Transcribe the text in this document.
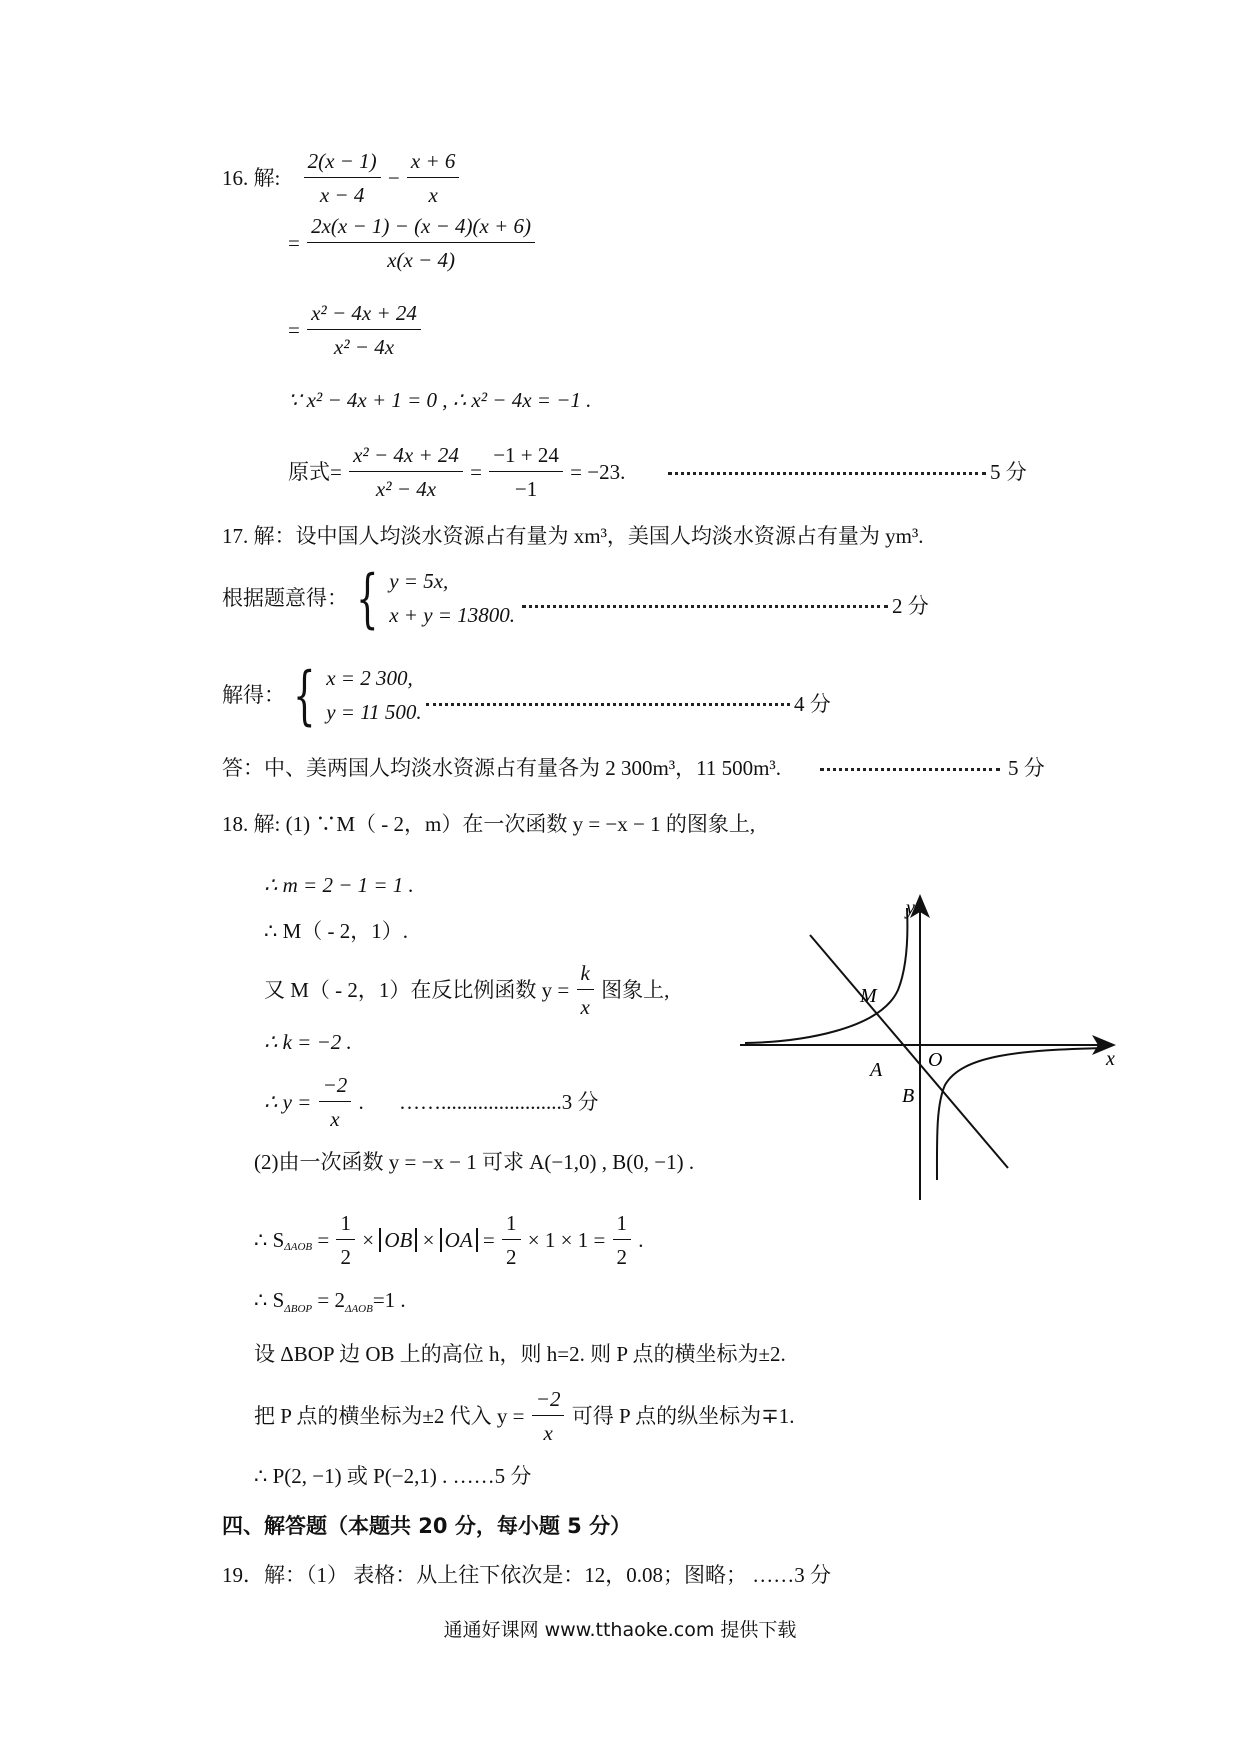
16. 解: $\frac{2(x - 1)}{x - 4} - \frac{x + 6}{x}$
= $\frac{2x(x - 1) - (x - 4)(x + 6)}{x(x - 4)}$
= $\frac{\text{x² − 4x + 24}}{\text{x² − 4x}}$
∵ x² − 4x + 1 = 0 , ∴ x² − 4x = −1 .
原式= $\frac{\text{x² − 4x + 24}}{\text{x² − 4x}} = \frac{-1 + 24}{-1} = -23$.	5 分
17. 解：设中国人均淡水资源占有量为 xm³，美国人均淡水资源占有量为 ym³.
根据题意得： { y = 5x,
x + y = 13800.	2 分
解得： { x = 2 300,
y = 11 500.	4 分
答：中、美两国人均淡水资源占有量各为 2 300m³，11 500m³.	5 分
18. 解: (1) ∵M（ - 2，m）在一次函数 y = −x − 1 的图象上,
∴ m = 2 − 1 = 1 .
∴ M（ - 2，1）.
又 M（ - 2，1）在反比例函数 $y = \frac{k}{x}$ 图象上,
∴ k = −2 .
∴ $y = \frac{-2}{x}$ . …….......................3 分
(2)由一次函数 y = −x − 1 可求 A(−1,0) , B(0, −1) .
∴ $S_{\Delta AOB} = \frac{1}{2}$ × OB × OA = $\frac{1}{2} \times 1 \times 1 = \frac{1}{2}$ .
∴ $S_{\Delta BOP} = 2_{\Delta AOB}=1$ .
设 ΔBOP 边 OB 上的高位 h，则 h=2. 则 P 点的横坐标为±2.
把 P 点的横坐标为±2 代入 $y = \frac{-2}{x}$ 可得 P 点的纵坐标为∓1.
∴ P(2, −1) 或 P(−2,1) . ……5 分
y
x
O
M
A
B
四、解答题（本题共 20 分，每小题 5 分）
19．解：（1） 表格：从上往下依次是：12，0.08；图略； ……3 分
通通好课网 www.tthaoke.com 提供下载
